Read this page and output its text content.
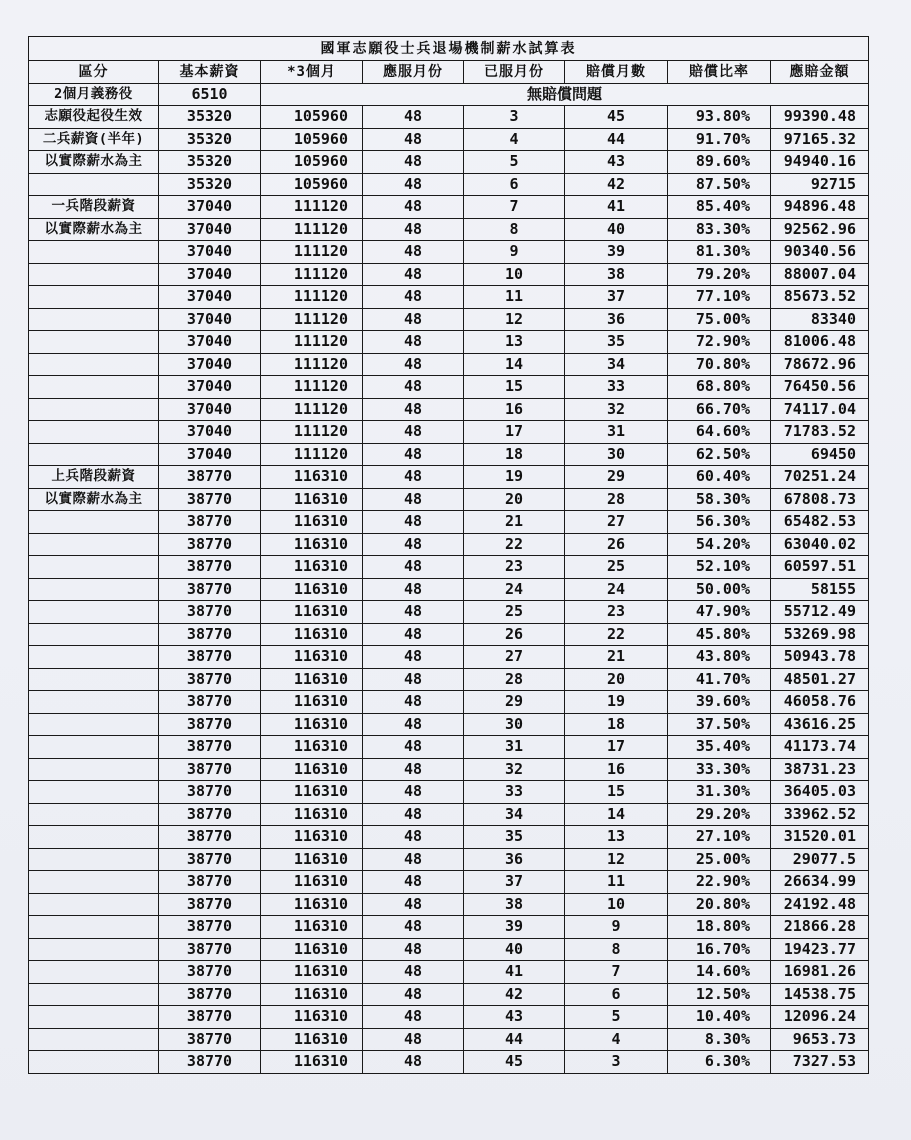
國軍志願役士兵退場機制薪水試算表							
區分	基本薪資	*3個月	應服月份	已服月份	賠償月數	賠償比率	應賠金額
2個月義務役	6510	無賠償問題					
志願役起役生效	35320	105960	48	3	45	93.80%	99390.48
二兵薪資(半年)	35320	105960	48	4	44	91.70%	97165.32
以實際薪水為主	35320	105960	48	5	43	89.60%	94940.16
	35320	105960	48	6	42	87.50%	92715
一兵階段薪資	37040	111120	48	7	41	85.40%	94896.48
以實際薪水為主	37040	111120	48	8	40	83.30%	92562.96
	37040	111120	48	9	39	81.30%	90340.56
	37040	111120	48	10	38	79.20%	88007.04
	37040	111120	48	11	37	77.10%	85673.52
	37040	111120	48	12	36	75.00%	83340
	37040	111120	48	13	35	72.90%	81006.48
	37040	111120	48	14	34	70.80%	78672.96
	37040	111120	48	15	33	68.80%	76450.56
	37040	111120	48	16	32	66.70%	74117.04
	37040	111120	48	17	31	64.60%	71783.52
	37040	111120	48	18	30	62.50%	69450
上兵階段薪資	38770	116310	48	19	29	60.40%	70251.24
以實際薪水為主	38770	116310	48	20	28	58.30%	67808.73
	38770	116310	48	21	27	56.30%	65482.53
	38770	116310	48	22	26	54.20%	63040.02
	38770	116310	48	23	25	52.10%	60597.51
	38770	116310	48	24	24	50.00%	58155
	38770	116310	48	25	23	47.90%	55712.49
	38770	116310	48	26	22	45.80%	53269.98
	38770	116310	48	27	21	43.80%	50943.78
	38770	116310	48	28	20	41.70%	48501.27
	38770	116310	48	29	19	39.60%	46058.76
	38770	116310	48	30	18	37.50%	43616.25
	38770	116310	48	31	17	35.40%	41173.74
	38770	116310	48	32	16	33.30%	38731.23
	38770	116310	48	33	15	31.30%	36405.03
	38770	116310	48	34	14	29.20%	33962.52
	38770	116310	48	35	13	27.10%	31520.01
	38770	116310	48	36	12	25.00%	29077.5
	38770	116310	48	37	11	22.90%	26634.99
	38770	116310	48	38	10	20.80%	24192.48
	38770	116310	48	39	9	18.80%	21866.28
	38770	116310	48	40	8	16.70%	19423.77
	38770	116310	48	41	7	14.60%	16981.26
	38770	116310	48	42	6	12.50%	14538.75
	38770	116310	48	43	5	10.40%	12096.24
	38770	116310	48	44	4	8.30%	9653.73
	38770	116310	48	45	3	6.30%	7327.53
